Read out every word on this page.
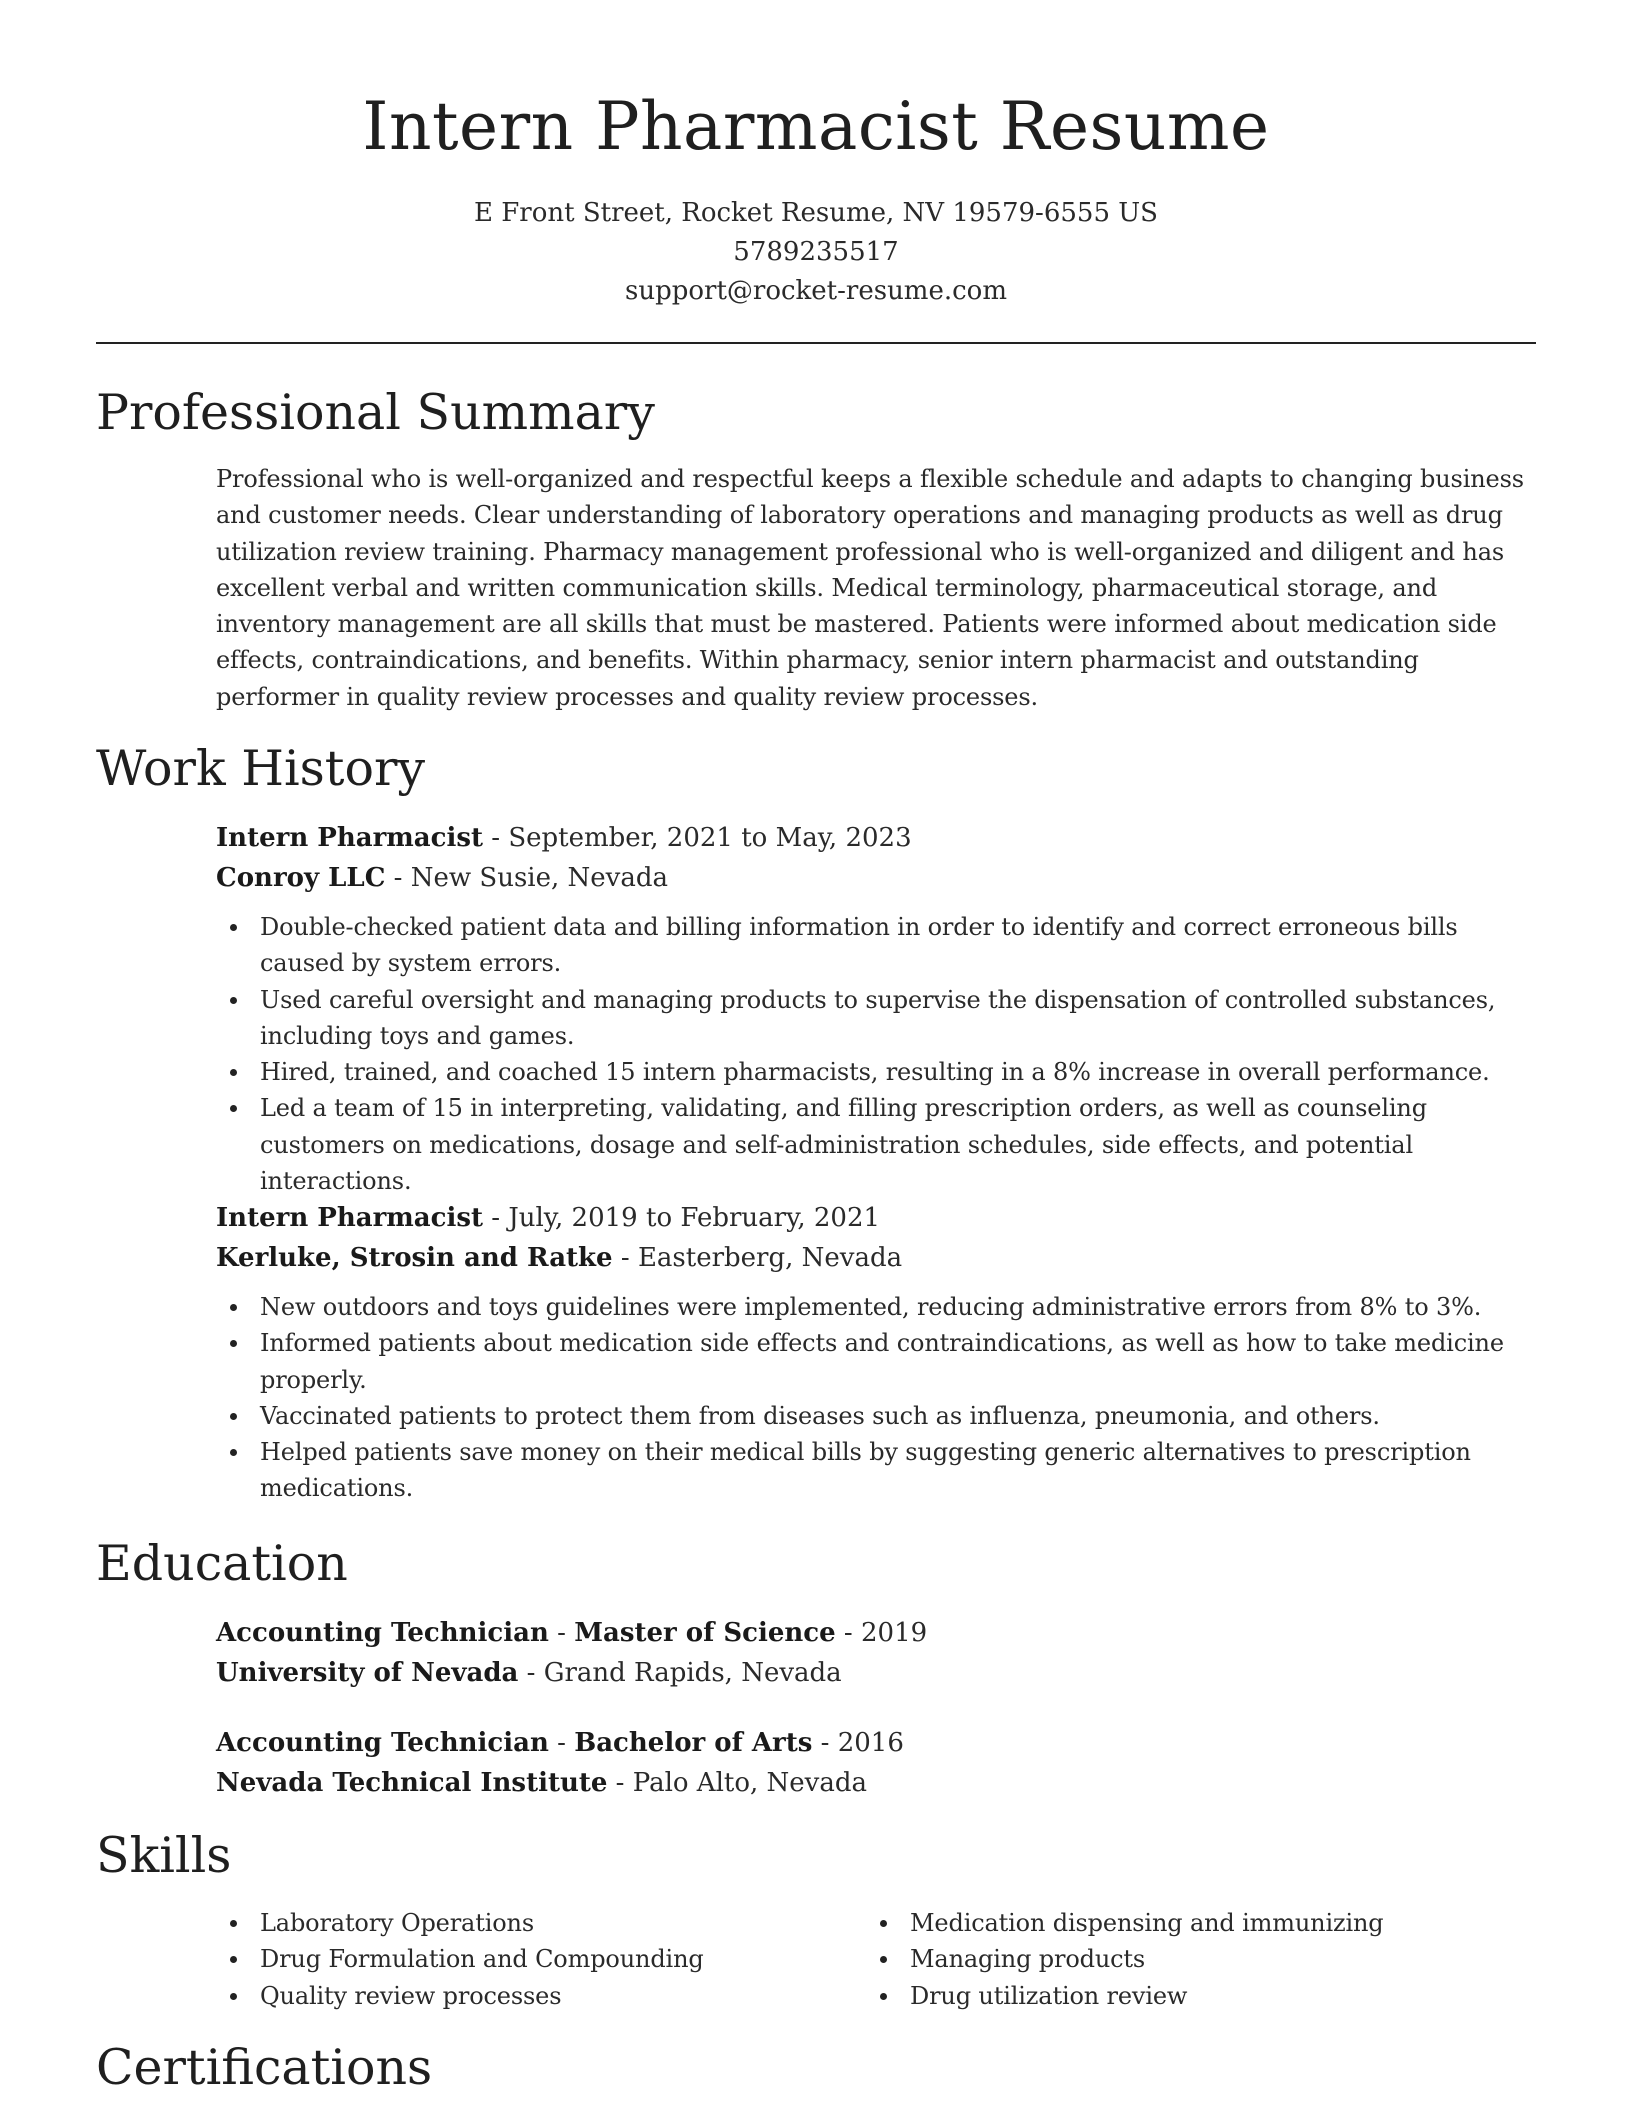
Intern Pharmacist Resume
E Front Street, Rocket Resume, NV 19579-6555 US
5789235517
support@rocket-resume.com
Professional Summary

Professional who is well-organized and respectful keeps a flexible schedule and adapts to changing business and customer needs. Clear understanding of laboratory operations and managing products as well as drug utilization review training. Pharmacy management professional who is well-organized and diligent and has excellent verbal and written communication skills. Medical terminology, pharmaceutical storage, and inventory management are all skills that must be mastered. Patients were informed about medication side effects, contraindications, and benefits. Within pharmacy, senior intern pharmacist and outstanding performer in quality review processes and quality review processes.

Work History
Intern Pharmacist - September, 2021 to May, 2023
Conroy LLC - New Susie, Nevada
Double-checked patient data and billing information in order to identify and correct erroneous bills caused by system errors.
Used careful oversight and managing products to supervise the dispensation of controlled substances, including toys and games.
Hired, trained, and coached 15 intern pharmacists, resulting in a 8% increase in overall performance.
Led a team of 15 in interpreting, validating, and filling prescription orders, as well as counseling customers on medications, dosage and self-administration schedules, side effects, and potential interactions.
Intern Pharmacist - July, 2019 to February, 2021
Kerluke, Strosin and Ratke - Easterberg, Nevada
New outdoors and toys guidelines were implemented, reducing administrative errors from 8% to 3%.
Informed patients about medication side effects and contraindications, as well as how to take medicine properly.
Vaccinated patients to protect them from diseases such as influenza, pneumonia, and others.
Helped patients save money on their medical bills by suggesting generic alternatives to prescription medications.
Education
Accounting Technician - Master of Science - 2019
University of Nevada - Grand Rapids, Nevada
Accounting Technician - Bachelor of Arts - 2016
Nevada Technical Institute - Palo Alto, Nevada
Skills
Laboratory Operations
Drug Formulation and Compounding
Quality review processes
Medication dispensing and immunizing
Managing products
Drug utilization review
Certifications
